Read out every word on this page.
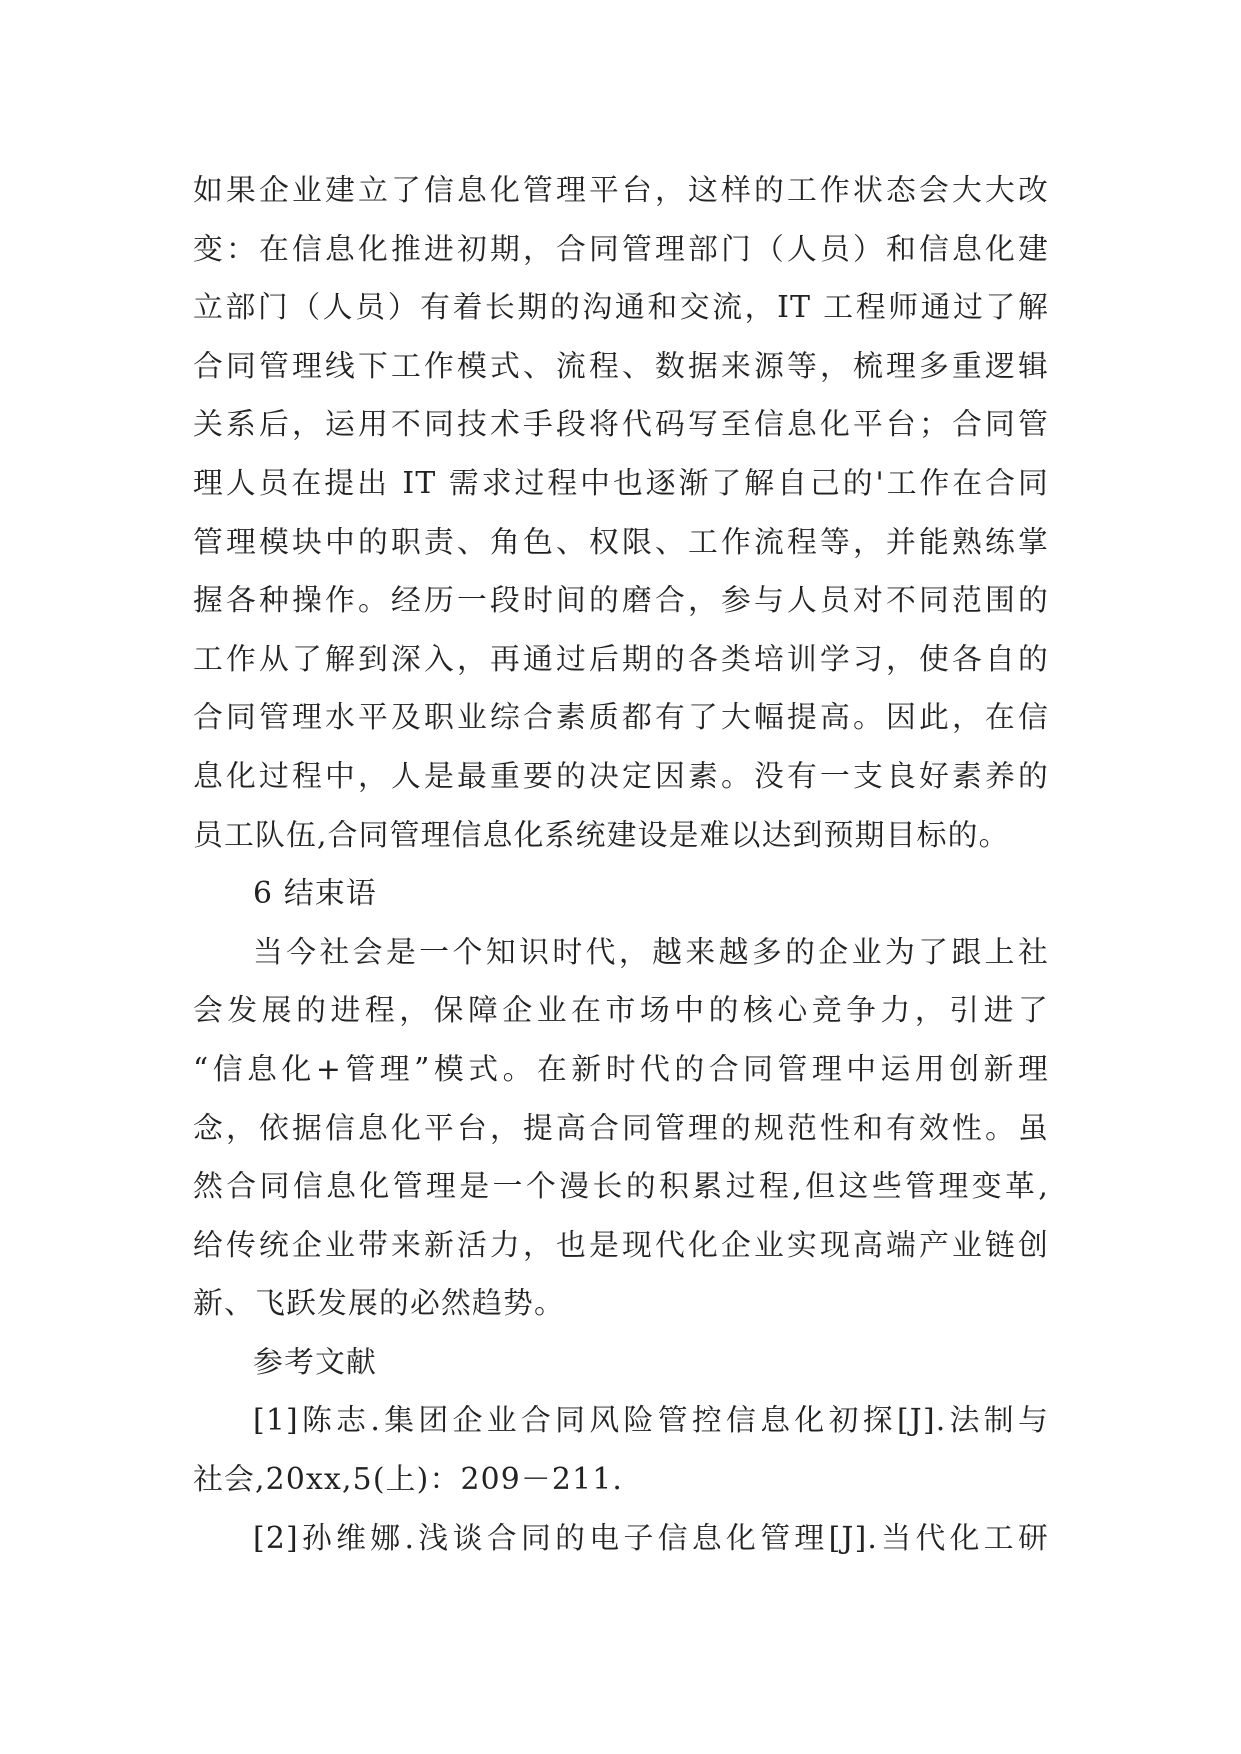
如果企业建立了信息化管理平台，这样的工作状态会大大改
变：在信息化推进初期，合同管理部门（人员）和信息化建
立部门（人员）有着长期的沟通和交流，IT 工程师通过了解
合同管理线下工作模式、流程、数据来源等，梳理多重逻辑
关系后，运用不同技术手段将代码写至信息化平台；合同管
理人员在提出 IT 需求过程中也逐渐了解自己的'工作在合同
管理模块中的职责、角色、权限、工作流程等，并能熟练掌
握各种操作。经历一段时间的磨合，参与人员对不同范围的
工作从了解到深入，再通过后期的各类培训学习，使各自的
合同管理水平及职业综合素质都有了大幅提高。因此，在信
息化过程中，人是最重要的决定因素。没有一支良好素养的
员工队伍,合同管理信息化系统建设是难以达到预期目标的。
6 结束语
当今社会是一个知识时代，越来越多的企业为了跟上社
会发展的进程，保障企业在市场中的核心竞争力，引进了
“信息化+管理”模式。在新时代的合同管理中运用创新理
念，依据信息化平台，提高合同管理的规范性和有效性。虽
然合同信息化管理是一个漫长的积累过程,但这些管理变革,
给传统企业带来新活力，也是现代化企业实现高端产业链创
新、飞跃发展的必然趋势。
参考文献
[1]陈志.集团企业合同风险管控信息化初探[J].法制与
社会,20xx,5(上)：209－211.
[2]孙维娜.浅谈合同的电子信息化管理[J].当代化工研
